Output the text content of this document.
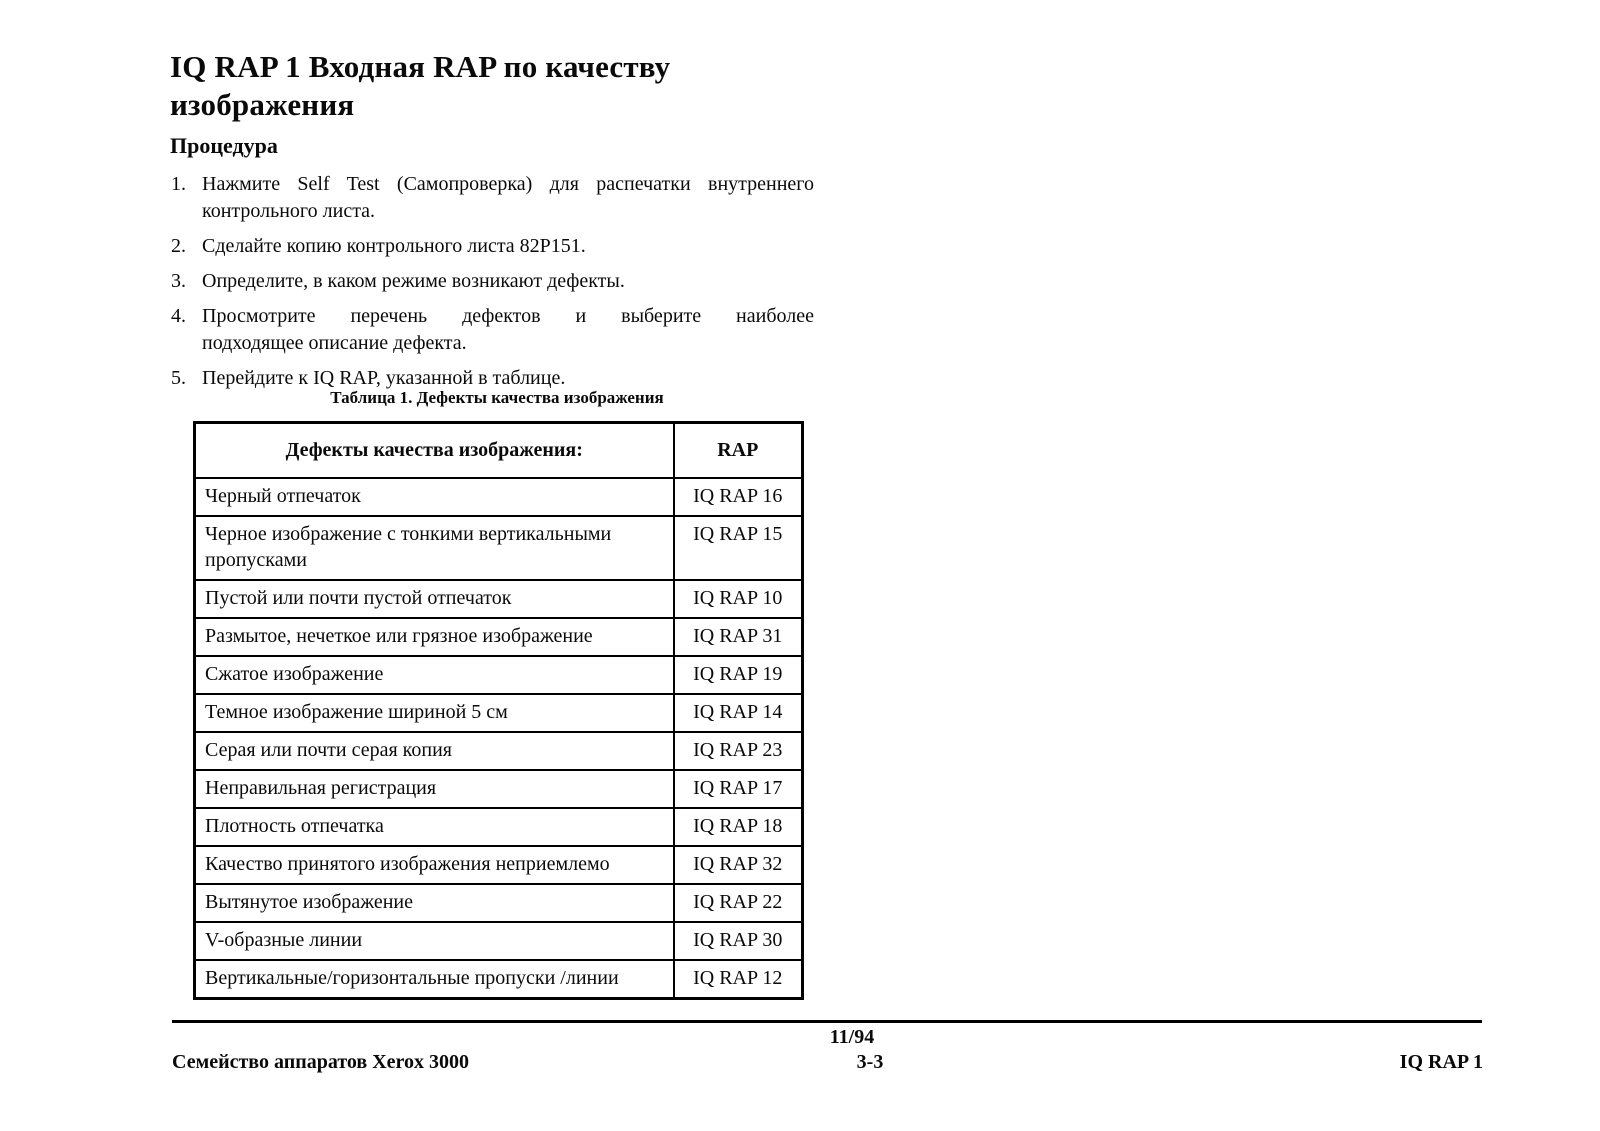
IQ RAP 1 Входная RAP по качеству
изображения
Процедура
1. Нажмите Self Test (Самопроверка) для распечатки внутреннего
контрольного листа.
2. Сделайте копию контрольного листа 82P151.
3. Определите, в каком режиме возникают дефекты.
4. Просмотрите перечень дефектов и выберите наиболее
подходящее описание дефекта.
5. Перейдите к IQ RAP, указанной в таблице.
Таблица 1. Дефекты качества изображения
Дефекты качества изображения:	RAP
Черный отпечаток	IQ RAP 16
Черное изображение с тонкими вертикальными пропусками	IQ RAP 15
Пустой или почти пустой отпечаток	IQ RAP 10
Размытое, нечеткое или грязное изображение	IQ RAP 31
Сжатое изображение	IQ RAP 19
Темное изображение шириной 5 см	IQ RAP 14
Серая или почти серая копия	IQ RAP 23
Неправильная регистрация	IQ RAP 17
Плотность отпечатка	IQ RAP 18
Качество принятого изображения неприемлемо	IQ RAP 32
Вытянутое изображение	IQ RAP 22
V-образные линии	IQ RAP 30
Вертикальные/горизонтальные пропуски /линии	IQ RAP 12
11/94
Семейство аппаратов Xerox 3000	3-3	IQ RAP 1
